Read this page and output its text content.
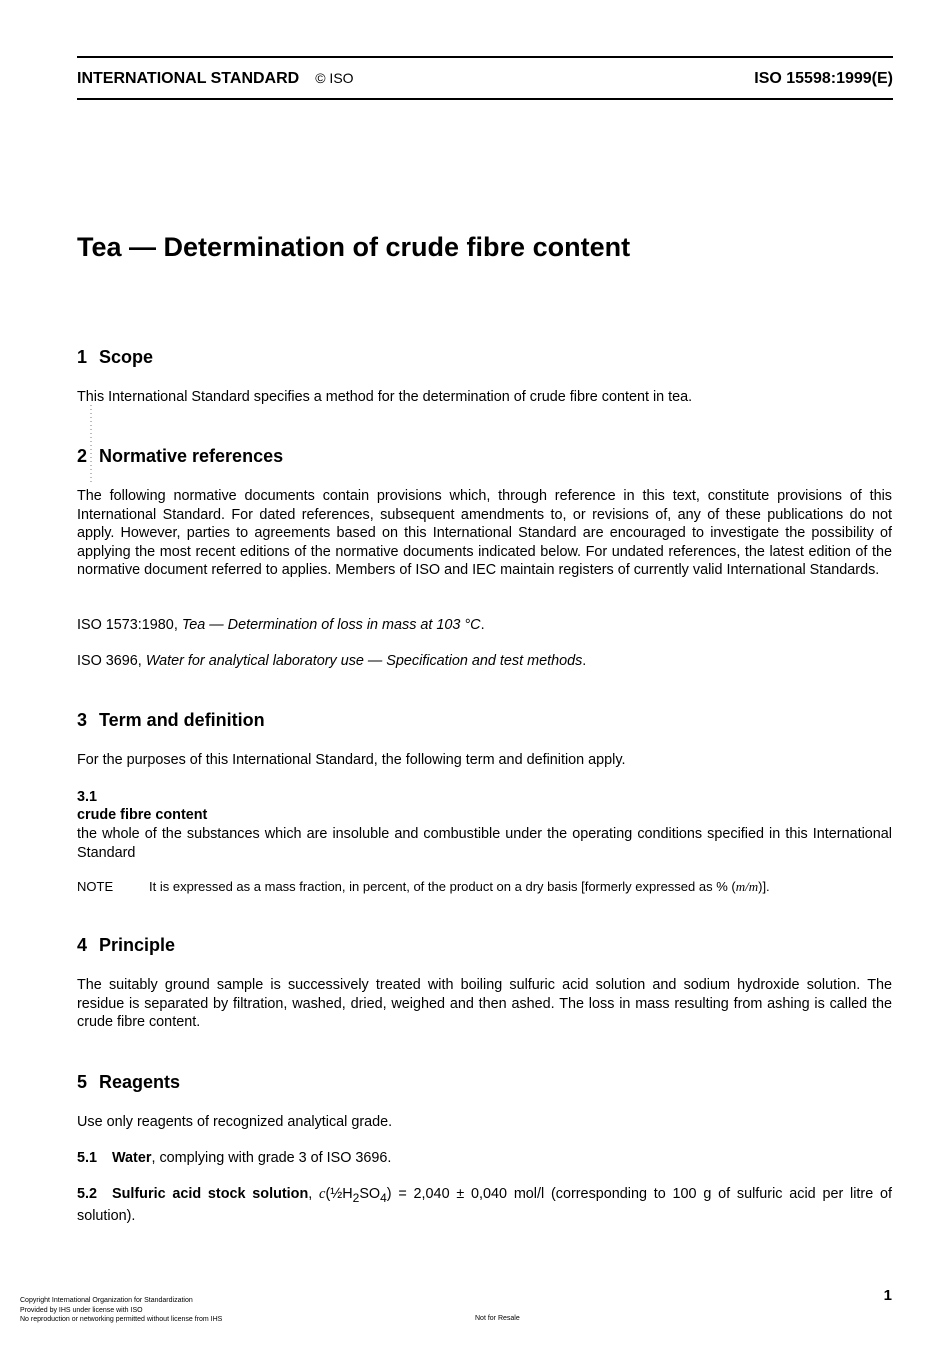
INTERNATIONAL STANDARD © ISO	ISO 15598:1999(E)
Tea — Determination of crude fibre content
1 Scope
This International Standard specifies a method for the determination of crude fibre content in tea.
2 Normative references
The following normative documents contain provisions which, through reference in this text, constitute provisions of this International Standard. For dated references, subsequent amendments to, or revisions of, any of these publications do not apply. However, parties to agreements based on this International Standard are encouraged to investigate the possibility of applying the most recent editions of the normative documents indicated below. For undated references, the latest edition of the normative document referred to applies. Members of ISO and IEC maintain registers of currently valid International Standards.
ISO 1573:1980, Tea — Determination of loss in mass at 103 °C.
ISO 3696, Water for analytical laboratory use — Specification and test methods.
3 Term and definition
For the purposes of this International Standard, the following term and definition apply.
3.1
crude fibre content
the whole of the substances which are insoluble and combustible under the operating conditions specified in this International Standard
NOTE	It is expressed as a mass fraction, in percent, of the product on a dry basis [formerly expressed as % (m/m)].
4 Principle
The suitably ground sample is successively treated with boiling sulfuric acid solution and sodium hydroxide solution. The residue is separated by filtration, washed, dried, weighed and then ashed. The loss in mass resulting from ashing is called the crude fibre content.
5 Reagents
Use only reagents of recognized analytical grade.
5.1 Water, complying with grade 3 of ISO 3696.
5.2 Sulfuric acid stock solution, $c(\frac{1}{2}H_2SO_4) = 2,040 \pm 0,040$ mol/l (corresponding to 100 g of sulfuric acid per litre of solution).
1
Copyright International Organization for Standardization
Provided by IHS under license with ISO
No reproduction or networking permitted without license from IHS	Not for Resale
